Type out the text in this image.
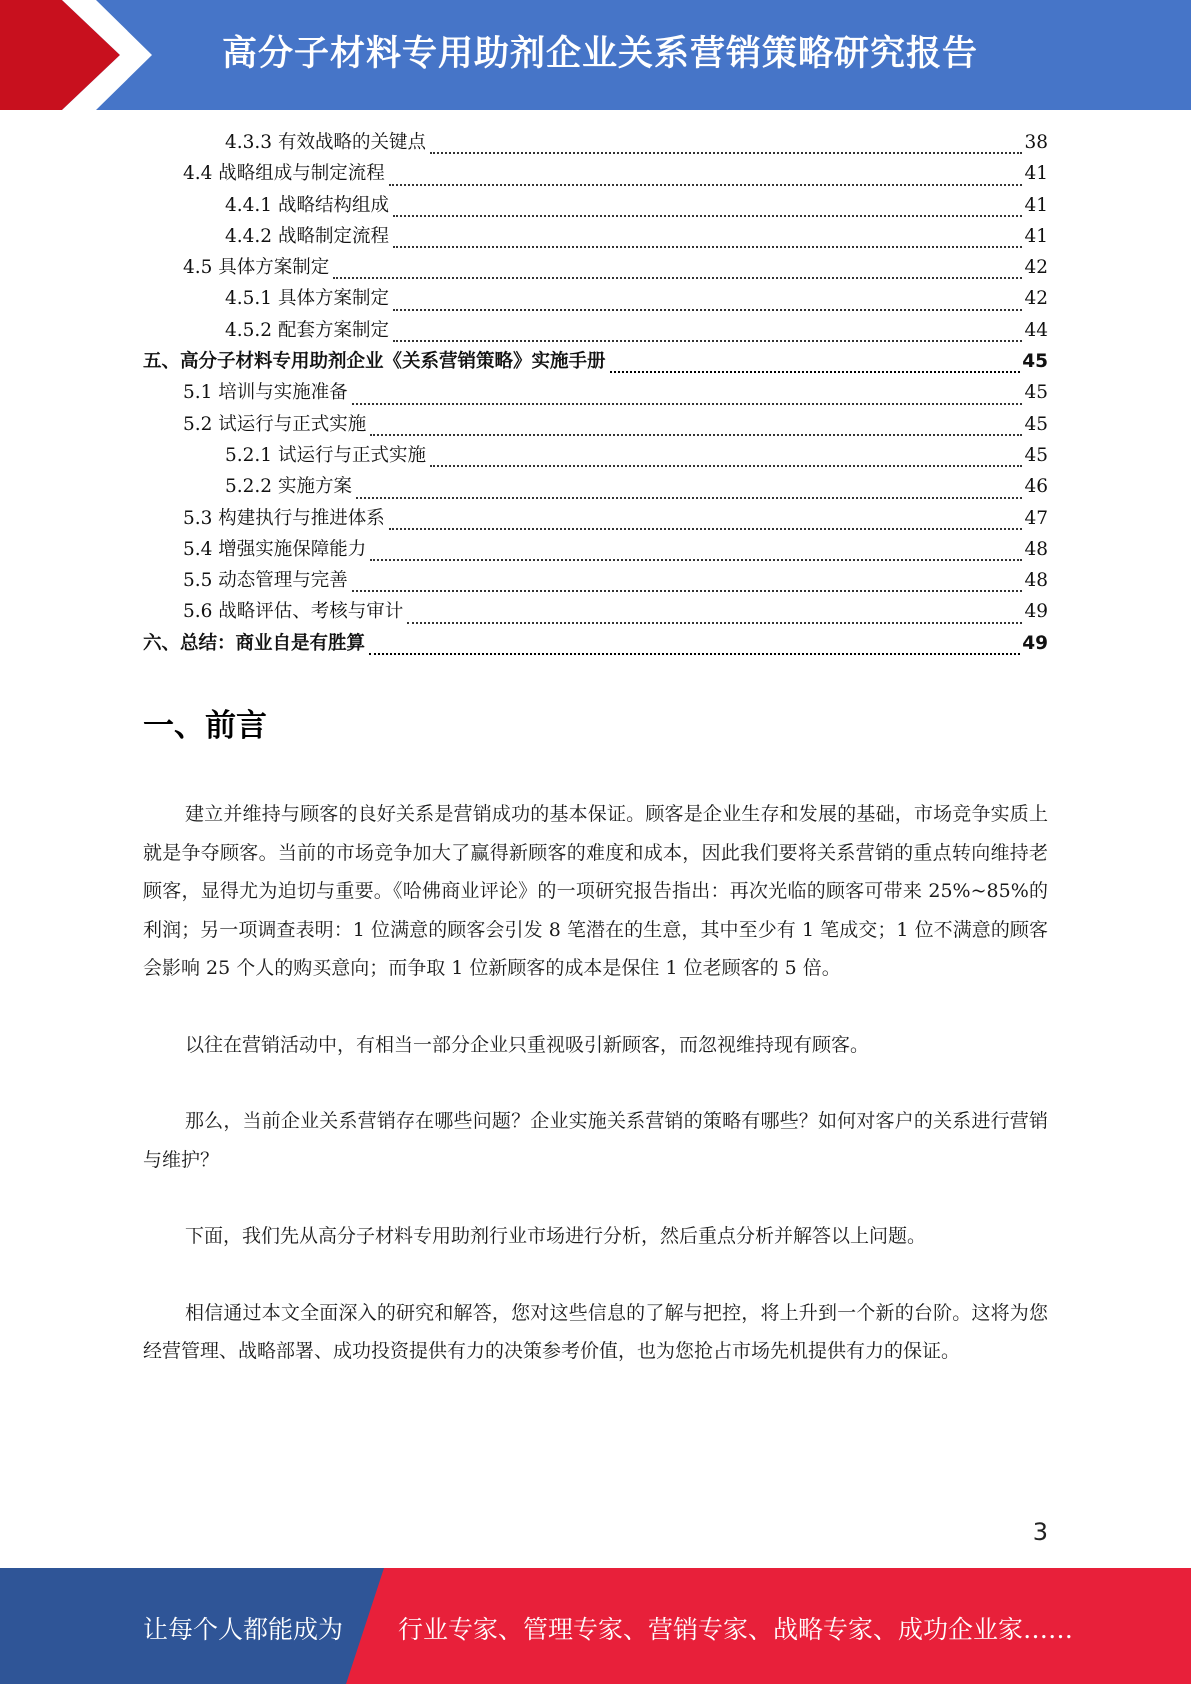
高分子材料专用助剂企业关系营销策略研究报告
4.3.3 有效战略的关键点	38
4.4 战略组成与制定流程	41
4.4.1 战略结构组成	41
4.4.2 战略制定流程	41
4.5 具体方案制定	42
4.5.1 具体方案制定	42
4.5.2 配套方案制定	44
五、高分子材料专用助剂企业《关系营销策略》实施手册	45
5.1 培训与实施准备	45
5.2 试运行与正式实施	45
5.2.1 试运行与正式实施	45
5.2.2 实施方案	46
5.3 构建执行与推进体系	47
5.4 增强实施保障能力	48
5.5 动态管理与完善	48
5.6 战略评估、考核与审计	49
六、总结：商业自是有胜算	49
一、前言

建立并维持与顾客的良好关系是营销成功的基本保证。顾客是企业生存和发展的基础，市场竞争实质上就是争夺顾客。当前的市场竞争加大了赢得新顾客的难度和成本，因此我们要将关系营销的重点转向维持老顾客，显得尤为迫切与重要。《哈佛商业评论》的一项研究报告指出：再次光临的顾客可带来 25%~85%的利润；另一项调查表明：1 位满意的顾客会引发 8 笔潜在的生意，其中至少有 1 笔成交；1 位不满意的顾客会影响 25 个人的购买意向；而争取 1 位新顾客的成本是保住 1 位老顾客的 5 倍。

以往在营销活动中，有相当一部分企业只重视吸引新顾客，而忽视维持现有顾客。

那么，当前企业关系营销存在哪些问题？企业实施关系营销的策略有哪些？如何对客户的关系进行营销与维护？

下面，我们先从高分子材料专用助剂行业市场进行分析，然后重点分析并解答以上问题。

相信通过本文全面深入的研究和解答，您对这些信息的了解与把控，将上升到一个新的台阶。这将为您经营管理、战略部署、成功投资提供有力的决策参考价值，也为您抢占市场先机提供有力的保证。

3
让每个人都能成为 行业专家、管理专家、营销专家、战略专家、成功企业家……
